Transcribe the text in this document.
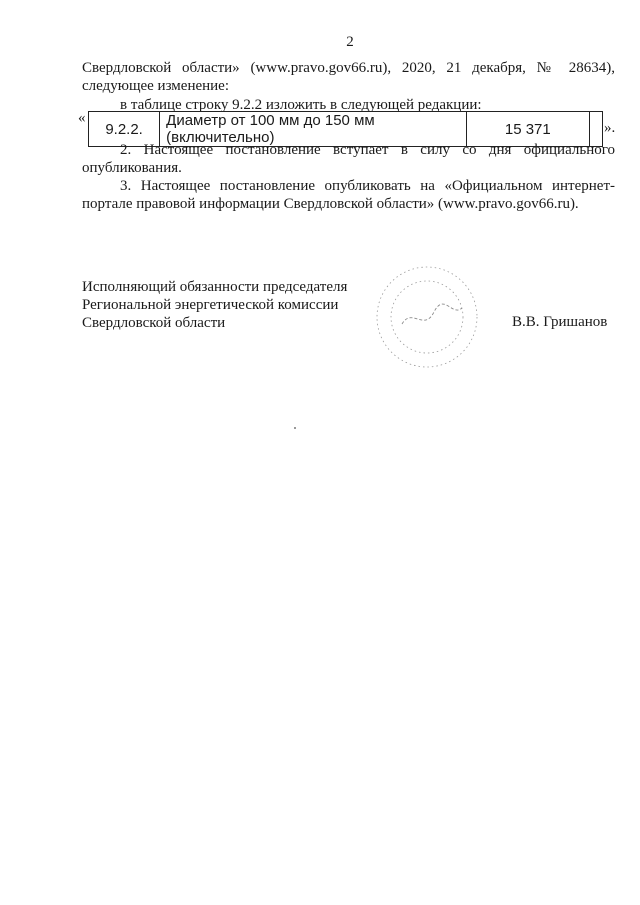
2
Свердловской области» (www.pravo.gov66.ru), 2020, 21 декабря, № 28634),
следующее изменение:
в таблице строку 9.2.2 изложить в следующей редакции:
«
9.2.2.	Диаметр от 100 мм до 150 мм (включительно)	15 371		».
2. Настоящее постановление вступает в силу со дня официального
опубликования.
3. Настоящее постановление опубликовать на «Официальном интернет-
портале правовой информации Свердловской области» (www.pravo.gov66.ru).
Исполняющий обязанности председателя
Региональной энергетической комиссии
Свердловской области	В.В. Гришанов
